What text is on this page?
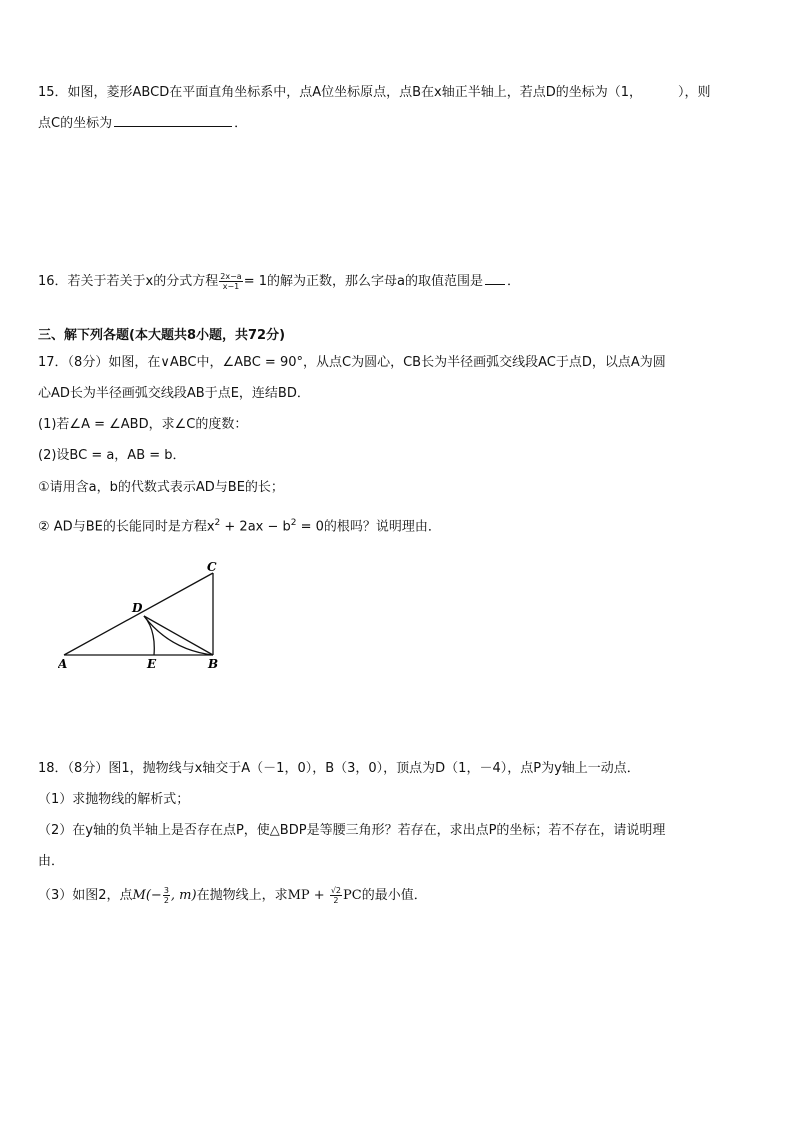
15．如图，菱形ABCD在平面直角坐标系中，点A位坐标原点，点B在x轴正半轴上，若点D的坐标为（1，	），则
点C的坐标为	．
16．若关于若关于x的分式方程 $\frac{2x-a}{x-1} = 1$的解为正数，那么字母a的取值范围是 ．
三、解下列各题(本大题共8小题，共72分)
17．（8分）如图，在∨ABC中，∠ABC = 90°，从点C为圆心，CB长为半径画弧交线段AC于点D，以点A为圆
心AD长为半径画弧交线段AB于点E，连结BD．
(1)若∠A = ∠ABD，求∠C的度数：
(2)设BC = a，AB = b．
①请用含a，b的代数式表示AD与BE的长；
② AD与BE的长能同时是方程$x^2 + 2ax - b^2 = 0$的根吗？说明理由．
C
D
A	E	B
18．（8分）图1，抛物线与x轴交于A（－1，0），B（3，0），顶点为D（1，－4），点P为y轴上一动点．
（1）求抛物线的解析式；
（2）在y轴的负半轴上是否存在点P，使△BDP是等腰三角形？若存在，求出点P的坐标；若不存在，请说明理
由．
（3）如图2，点$M(- \frac{3}{2}$ , m)在抛物线上，求MP + $\frac{√2}{2}$ PC的最小值．
